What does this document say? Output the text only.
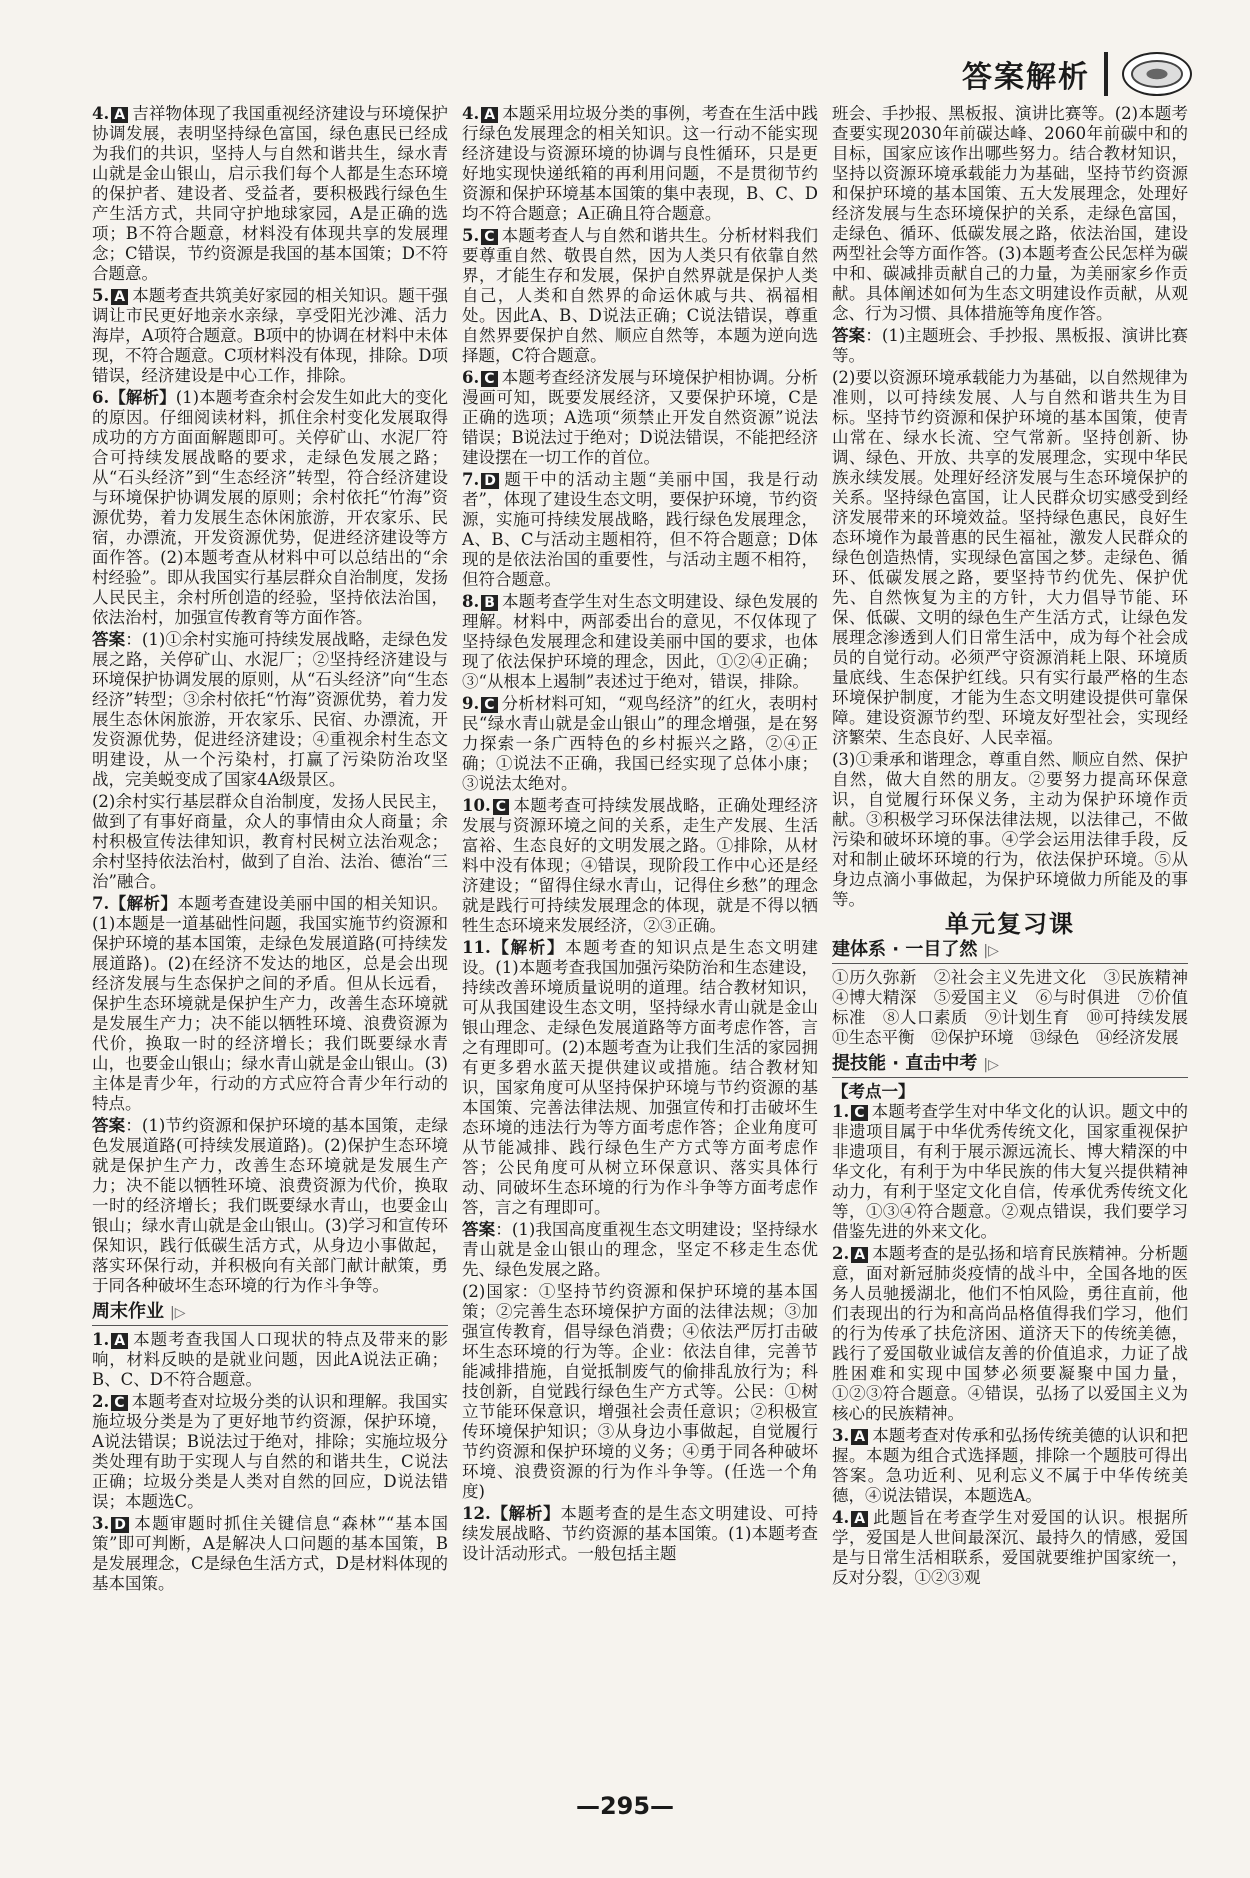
答案解析

4. A 吉祥物体现了我国重视经济建设与环境保护协调发展，表明坚持绿色富国，绿色惠民已经成为我们的共识，坚持人与自然和谐共生，绿水青山就是金山银山，启示我们每个人都是生态环境的保护者、建设者、受益者，要积极践行绿色生产生活方式，共同守护地球家园，A是正确的选项；B不符合题意，材料没有体现共享的发展理念；C错误，节约资源是我国的基本国策；D不符合题意。

5. A 本题考查共筑美好家园的相关知识。题干强调让市民更好地亲水亲绿，享受阳光沙滩、活力海岸，A项符合题意。B项中的协调在材料中未体现，不符合题意。C项材料没有体现，排除。D项错误，经济建设是中心工作，排除。

6.【解析】(1)本题考查余村会发生如此大的变化的原因。仔细阅读材料，抓住余村变化发展取得成功的方方面面解题即可。关停矿山、水泥厂符合可持续发展战略的要求，走绿色发展之路；从“石头经济”到“生态经济”转型，符合经济建设与环境保护协调发展的原则；余村依托“竹海”资源优势，着力发展生态休闲旅游，开农家乐、民宿，办漂流，开发资源优势，促进经济建设等方面作答。(2)本题考查从材料中可以总结出的“余村经验”。即从我国实行基层群众自治制度，发扬人民民主，余村所创造的经验，坚持依法治国，依法治村，加强宣传教育等方面作答。

答案：(1)①余村实施可持续发展战略，走绿色发展之路，关停矿山、水泥厂；②坚持经济建设与环境保护协调发展的原则，从“石头经济”向“生态经济”转型；③余村依托“竹海”资源优势，着力发展生态休闲旅游，开农家乐、民宿、办漂流，开发资源优势，促进经济建设；④重视余村生态文明建设，从一个污染村，打赢了污染防治攻坚战，完美蜕变成了国家4A级景区。

(2)余村实行基层群众自治制度，发扬人民民主，做到了有事好商量，众人的事情由众人商量；余村积极宣传法律知识，教育村民树立法治观念；余村坚持依法治村，做到了自治、法治、德治“三治”融合。

7.【解析】本题考查建设美丽中国的相关知识。(1)本题是一道基础性问题，我国实施节约资源和保护环境的基本国策，走绿色发展道路(可持续发展道路)。(2)在经济不发达的地区，总是会出现经济发展与生态保护之间的矛盾。但从长远看，保护生态环境就是保护生产力，改善生态环境就是发展生产力；决不能以牺牲环境、浪费资源为代价，换取一时的经济增长；我们既要绿水青山，也要金山银山；绿水青山就是金山银山。(3)主体是青少年，行动的方式应符合青少年行动的特点。

答案：(1)节约资源和保护环境的基本国策，走绿色发展道路(可持续发展道路)。(2)保护生态环境就是保护生产力，改善生态环境就是发展生产力；决不能以牺牲环境、浪费资源为代价，换取一时的经济增长；我们既要绿水青山，也要金山银山；绿水青山就是金山银山。(3)学习和宣传环保知识，践行低碳生活方式，从身边小事做起，落实环保行动，并积极向有关部门献计献策，勇于同各种破坏生态环境的行为作斗争等。

周末作业 |▷

1. A 本题考查我国人口现状的特点及带来的影响，材料反映的是就业问题，因此A说法正确；B、C、D不符合题意。

2. C 本题考查对垃圾分类的认识和理解。我国实施垃圾分类是为了更好地节约资源，保护环境，A说法错误；B说法过于绝对，排除；实施垃圾分类处理有助于实现人与自然的和谐共生，C说法正确；垃圾分类是人类对自然的回应，D说法错误；本题选C。

3. D 本题审题时抓住关键信息“森林”“基本国策”即可判断，A是解决人口问题的基本国策，B是发展理念，C是绿色生活方式，D是材料体现的基本国策。

4. A 本题采用垃圾分类的事例，考查在生活中践行绿色发展理念的相关知识。这一行动不能实现经济建设与资源环境的协调与良性循环，只是更好地实现快递纸箱的再利用问题，不是贯彻节约资源和保护环境基本国策的集中表现，B、C、D均不符合题意；A正确且符合题意。

5. C 本题考查人与自然和谐共生。分析材料我们要尊重自然、敬畏自然，因为人类只有依靠自然界，才能生存和发展，保护自然界就是保护人类自己，人类和自然界的命运休戚与共、祸福相处。因此A、B、D说法正确；C说法错误，尊重自然界要保护自然、顺应自然等，本题为逆向选择题，C符合题意。

6. C 本题考查经济发展与环境保护相协调。分析漫画可知，既要发展经济，又要保护环境，C是正确的选项；A选项“须禁止开发自然资源”说法错误；B说法过于绝对；D说法错误，不能把经济建设摆在一切工作的首位。

7. D 题干中的活动主题“美丽中国，我是行动者”，体现了建设生态文明，要保护环境，节约资源，实施可持续发展战略，践行绿色发展理念，A、B、C与活动主题相符，但不符合题意；D体现的是依法治国的重要性，与活动主题不相符，但符合题意。

8. B 本题考查学生对生态文明建设、绿色发展的理解。材料中，两部委出台的意见，不仅体现了坚持绿色发展理念和建设美丽中国的要求，也体现了依法保护环境的理念，因此，①②④正确；③“从根本上遏制”表述过于绝对，错误，排除。

9. C 分析材料可知，“观鸟经济”的红火，表明村民“绿水青山就是金山银山”的理念增强，是在努力探索一条广西特色的乡村振兴之路，②④正确；①说法不正确，我国已经实现了总体小康；③说法太绝对。

10. C 本题考查可持续发展战略，正确处理经济发展与资源环境之间的关系，走生产发展、生活富裕、生态良好的文明发展之路。①排除，从材料中没有体现；④错误，现阶段工作中心还是经济建设；“留得住绿水青山，记得住乡愁”的理念就是践行可持续发展理念的体现，就是不得以牺牲生态环境来发展经济，②③正确。

11.【解析】本题考查的知识点是生态文明建设。(1)本题考查我国加强污染防治和生态建设，持续改善环境质量说明的道理。结合教材知识，可从我国建设生态文明，坚持绿水青山就是金山银山理念、走绿色发展道路等方面考虑作答，言之有理即可。(2)本题考查为让我们生活的家园拥有更多碧水蓝天提供建议或措施。结合教材知识，国家角度可从坚持保护环境与节约资源的基本国策、完善法律法规、加强宣传和打击破坏生态环境的违法行为等方面考虑作答；企业角度可从节能减排、践行绿色生产方式等方面考虑作答；公民角度可从树立环保意识、落实具体行动、同破坏生态环境的行为作斗争等方面考虑作答，言之有理即可。

答案：(1)我国高度重视生态文明建设；坚持绿水青山就是金山银山的理念，坚定不移走生态优先、绿色发展之路。

(2)国家：①坚持节约资源和保护环境的基本国策；②完善生态环境保护方面的法律法规；③加强宣传教育，倡导绿色消费；④依法严厉打击破坏生态环境的行为等。企业：依法自律，完善节能减排措施，自觉抵制废气的偷排乱放行为；科技创新，自觉践行绿色生产方式等。公民：①树立节能环保意识，增强社会责任意识；②积极宣传环境保护知识；③从身边小事做起，自觉履行节约资源和保护环境的义务；④勇于同各种破坏环境、浪费资源的行为作斗争等。(任选一个角度)

12.【解析】本题考查的是生态文明建设、可持续发展战略、节约资源的基本国策。(1)本题考查设计活动形式。一般包括主题

班会、手抄报、黑板报、演讲比赛等。(2)本题考查要实现2030年前碳达峰、2060年前碳中和的目标，国家应该作出哪些努力。结合教材知识，坚持以资源环境承载能力为基础，坚持节约资源和保护环境的基本国策、五大发展理念，处理好经济发展与生态环境保护的关系，走绿色富国，走绿色、循环、低碳发展之路，依法治国，建设两型社会等方面作答。(3)本题考查公民怎样为碳中和、碳减排贡献自己的力量，为美丽家乡作贡献。具体阐述如何为生态文明建设作贡献，从观念、行为习惯、具体措施等角度作答。

答案：(1)主题班会、手抄报、黑板报、演讲比赛等。

(2)要以资源环境承载能力为基础，以自然规律为准则，以可持续发展、人与自然和谐共生为目标。坚持节约资源和保护环境的基本国策，使青山常在、绿水长流、空气常新。坚持创新、协调、绿色、开放、共享的发展理念，实现中华民族永续发展。处理好经济发展与生态环境保护的关系。坚持绿色富国，让人民群众切实感受到经济发展带来的环境效益。坚持绿色惠民，良好生态环境作为最普惠的民生福祉，激发人民群众的绿色创造热情，实现绿色富国之梦。走绿色、循环、低碳发展之路，要坚持节约优先、保护优先、自然恢复为主的方针，大力倡导节能、环保、低碳、文明的绿色生产生活方式，让绿色发展理念渗透到人们日常生活中，成为每个社会成员的自觉行动。必须严守资源消耗上限、环境质量底线、生态保护红线。只有实行最严格的生态环境保护制度，才能为生态文明建设提供可靠保障。建设资源节约型、环境友好型社会，实现经济繁荣、生态良好、人民幸福。

(3)①秉承和谐理念，尊重自然、顺应自然、保护自然，做大自然的朋友。②要努力提高环保意识，自觉履行环保义务，主动为保护环境作贡献。③积极学习环保法律法规，以法律己，不做污染和破坏环境的事。④学会运用法律手段，反对和制止破坏环境的行为，依法保护环境。⑤从身边点滴小事做起，为保护环境做力所能及的事等。

单元复习课
建体系 · 一目了然 |▷

①历久弥新　②社会主义先进文化　③民族精神　④博大精深　⑤爱国主义　⑥与时俱进　⑦价值标准　⑧人口素质　⑨计划生育　⑩可持续发展　⑪生态平衡　⑫保护环境　⑬绿色　⑭经济发展

提技能 · 直击中考 |▷
【考点一】

1. C 本题考查学生对中华文化的认识。题文中的非遗项目属于中华优秀传统文化，国家重视保护非遗项目，有利于展示源远流长、博大精深的中华文化，有利于为中华民族的伟大复兴提供精神动力，有利于坚定文化自信，传承优秀传统文化等，①③④符合题意。②观点错误，我们要学习借鉴先进的外来文化。

2. A 本题考查的是弘扬和培育民族精神。分析题意，面对新冠肺炎疫情的战斗中，全国各地的医务人员驰援湖北，他们不怕风险，勇往直前，他们表现出的行为和高尚品格值得我们学习，他们的行为传承了扶危济困、道济天下的传统美德，践行了爱国敬业诚信友善的价值追求，力证了战胜困难和实现中国梦必须要凝聚中国力量，①②③符合题意。④错误，弘扬了以爱国主义为核心的民族精神。

3. A 本题考查对传承和弘扬传统美德的认识和把握。本题为组合式选择题，排除一个题肢可得出答案。急功近利、见利忘义不属于中华传统美德，④说法错误，本题选A。

4. A 此题旨在考查学生对爱国的认识。根据所学，爱国是人世间最深沉、最持久的情感，爱国是与日常生活相联系，爱国就要维护国家统一，反对分裂，①②③观

—295—
